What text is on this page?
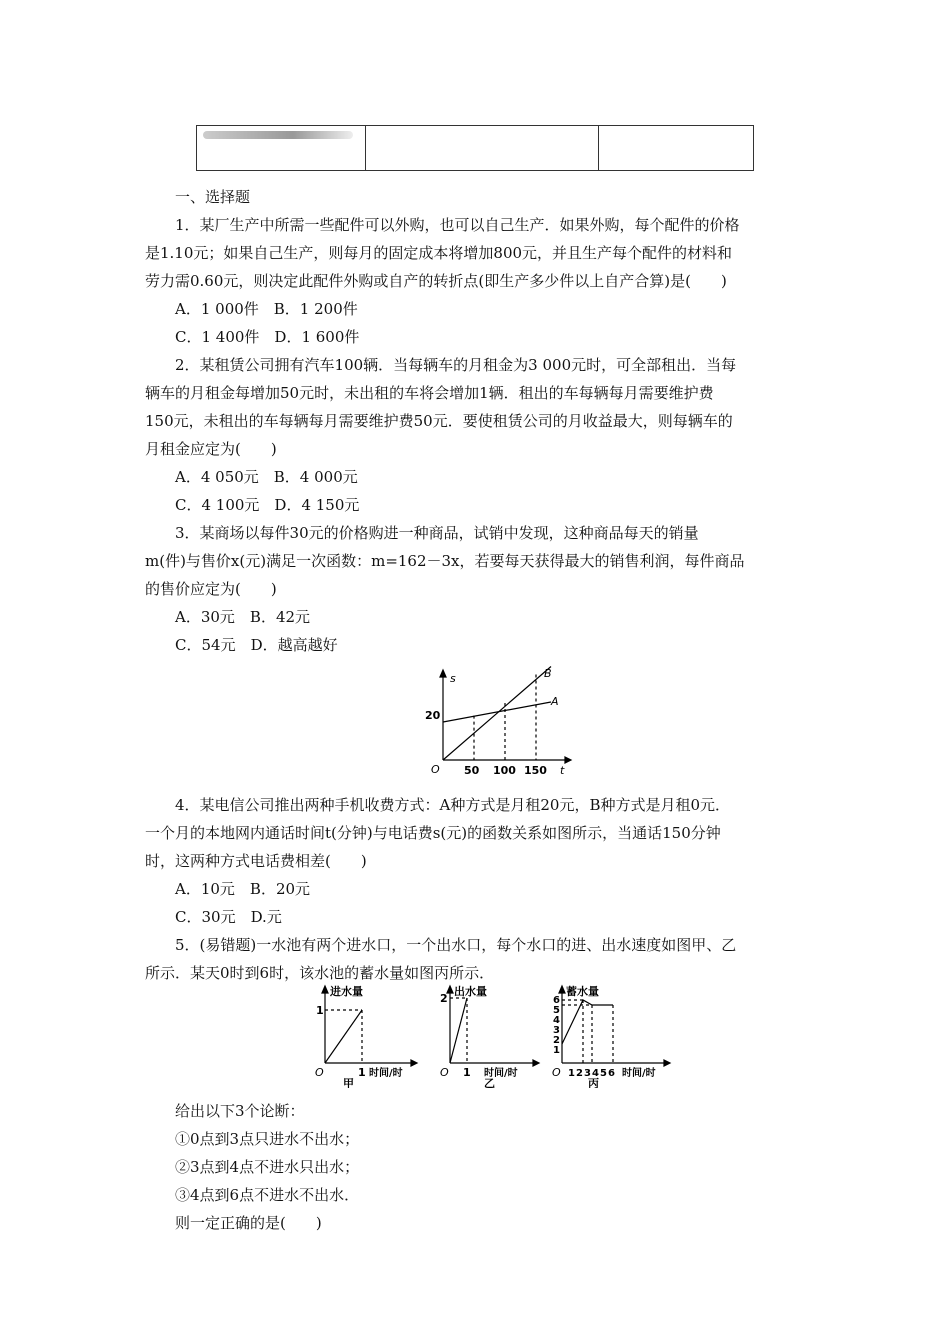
一、选择题
1．某厂生产中所需一些配件可以外购，也可以自己生产．如果外购，每个配件的价格
是1.10元；如果自己生产，则每月的固定成本将增加800元，并且生产每个配件的材料和
劳力需0.60元，则决定此配件外购或自产的转折点(即生产多少件以上自产合算)是(　　)
A．1 000件　B．1 200件
C．1 400件　D．1 600件
2．某租赁公司拥有汽车100辆．当每辆车的月租金为3 000元时，可全部租出．当每
辆车的月租金每增加50元时，未出租的车将会增加1辆．租出的车每辆每月需要维护费
150元，未租出的车每辆每月需要维护费50元．要使租赁公司的月收益最大，则每辆车的
月租金应定为(　　)
A．4 050元　B．4 000元
C．4 100元　D．4 150元
3．某商场以每件30元的价格购进一种商品，试销中发现，这种商品每天的销量
m(件)与售价x(元)满足一次函数：m=162－3x，若要每天获得最大的销售利润，每件商品
的售价应定为(　　)
A．30元　B．42元
C．54元　D．越高越好
4．某电信公司推出两种手机收费方式：A种方式是月租20元，B种方式是月租0元．
一个月的本地网内通话时间t(分钟)与电话费s(元)的函数关系如图所示，当通话150分钟
时，这两种方式电话费相差(　　)
A．10元　B．20元
C．30元　D.元
5．(易错题)一水池有两个进水口，一个出水口，每个水口的进、出水速度如图甲、乙
所示．某天0时到6时，该水池的蓄水量如图丙所示．
给出以下3个论断：
①0点到3点只进水不出水；
②3点到4点不进水只出水；
③4点到6点不进水不出水．
则一定正确的是(　　)
s
t
O
20
50 100 150
A
B
进水量
1
1 时间/时
O
甲
出水量
2
1 时间/时
O
乙
蓄水量
6
5
4
3
2
1
1 2 3 4 5 6 时间/时
O
丙
